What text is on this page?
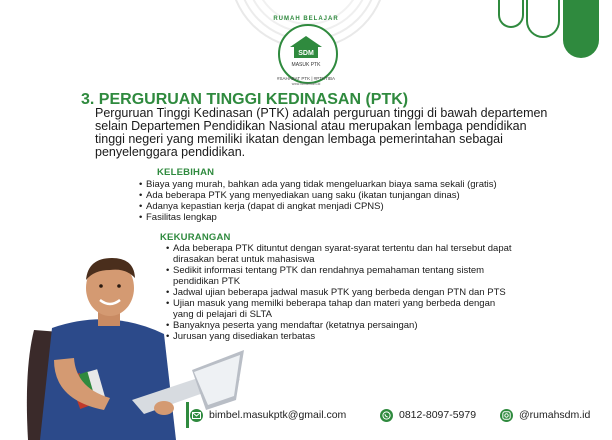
RUMAH BELAJAR
SDM
MASUK PTK
#SAHABAT PTK | #PTKTIBA
www.rumahsdm.id
3. PERGURUAN TINGGI KEDINASAN (PTK)
Perguruan Tinggi Kedinasan (PTK) adalah perguruan tinggi di bawah departemen selain Departemen Pendidikan Nasional atau merupakan lembaga pendidikan tinggi negeri yang memiliki ikatan dengan lembaga pemerintahan sebagai penyelenggara pendidikan.
KELEBIHAN
• Biaya yang murah, bahkan ada yang tidak mengeluarkan biaya sama sekali (gratis)
• Ada beberapa PTK yang menyediakan uang saku (ikatan tunjangan dinas)
• Adanya kepastian kerja (dapat di angkat menjadi CPNS)
• Fasilitas lengkap
KEKURANGAN
• Ada beberapa PTK dituntut dengan syarat-syarat tertentu dan hal tersebut dapat dirasakan berat untuk mahasiswa
• Sedikit informasi tentang PTK dan rendahnya pemahaman tentang sistem pendidikan PTK
• Jadwal ujian beberapa jadwal masuk PTK yang berbeda dengan PTN dan PTS
• Ujian masuk yang memilki beberapa tahap dan materi yang berbeda dengan yang di pelajari di SLTA
• Banyaknya peserta yang mendaftar (ketatnya persaingan)
• Jurusan yang disediakan terbatas
bimbel.masukptk@gmail.com	0812-8097-5979	@rumahsdm.id
